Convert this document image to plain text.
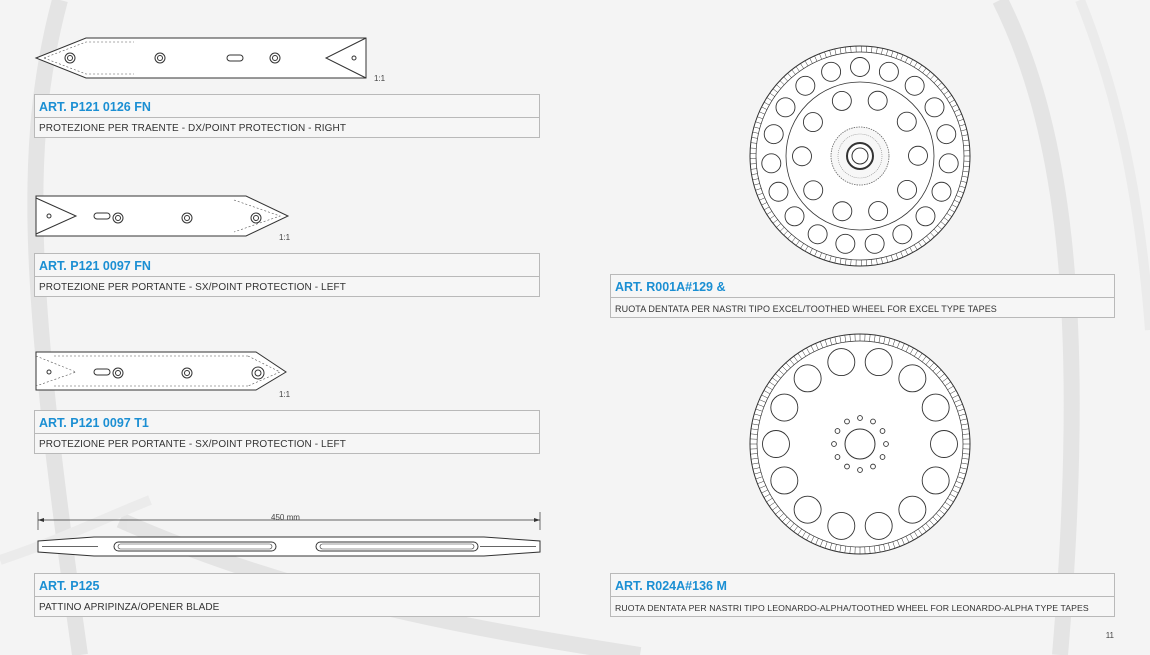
1:1
ART. P121 0126 FN
PROTEZIONE PER TRAENTE - DX/POINT PROTECTION - RIGHT
1:1
ART. P121 0097 FN
PROTEZIONE PER PORTANTE - SX/POINT PROTECTION - LEFT
1:1
ART. P121 0097 T1
PROTEZIONE PER PORTANTE - SX/POINT PROTECTION - LEFT
450 mm
ART. P125
PATTINO APRIPINZA/OPENER BLADE
ART. R001A#129 &
RUOTA DENTATA PER NASTRI TIPO EXCEL/TOOTHED WHEEL FOR EXCEL TYPE TAPES
ART. R024A#136 M
RUOTA DENTATA PER NASTRI TIPO LEONARDO-ALPHA/TOOTHED WHEEL FOR LEONARDO-ALPHA TYPE TAPES
11
